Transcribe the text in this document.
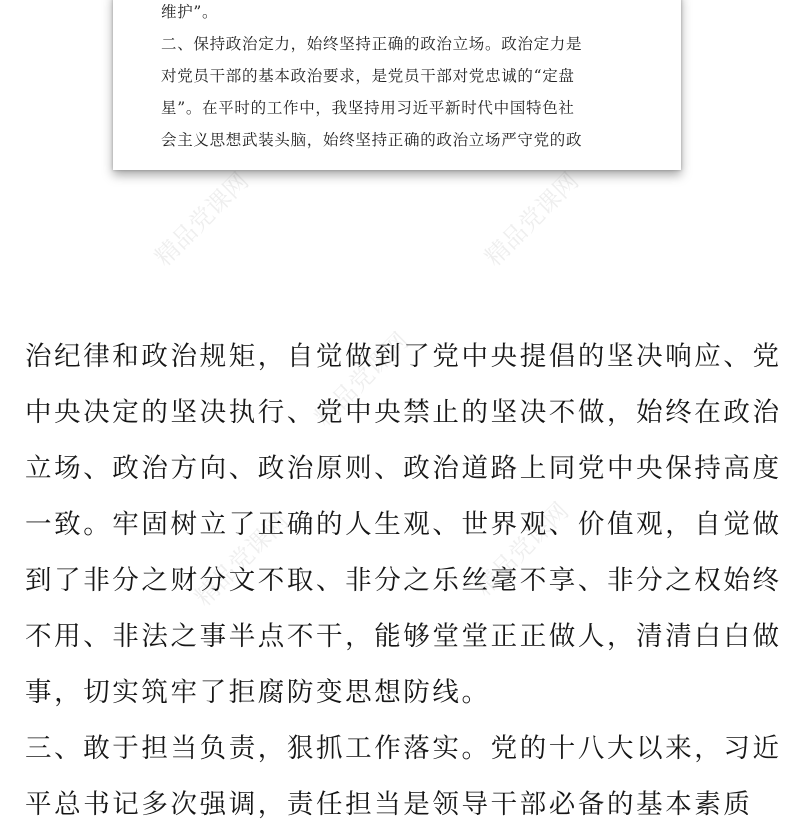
精品党课网	精品党课网
精品党课网
精品党课网	精品党课网
维护”。
二、保持政治定力，始终坚持正确的政治立场。政治定力是
对党员干部的基本政治要求，是党员干部对党忠诚的“定盘
星”。在平时的工作中，我坚持用习近平新时代中国特色社
会主义思想武装头脑，始终坚持正确的政治立场严守党的政
治纪律和政治规矩，自觉做到了党中央提倡的坚决响应、党
中央决定的坚决执行、党中央禁止的坚决不做，始终在政治
立场、政治方向、政治原则、政治道路上同党中央保持高度
一致。牢固树立了正确的人生观、世界观、价值观，自觉做
到了非分之财分文不取、非分之乐丝毫不享、非分之权始终
不用、非法之事半点不干，能够堂堂正正做人，清清白白做
事，切实筑牢了拒腐防变思想防线。
三、敢于担当负责，狠抓工作落实。党的十八大以来，习近
平总书记多次强调，责任担当是领导干部必备的基本素质
